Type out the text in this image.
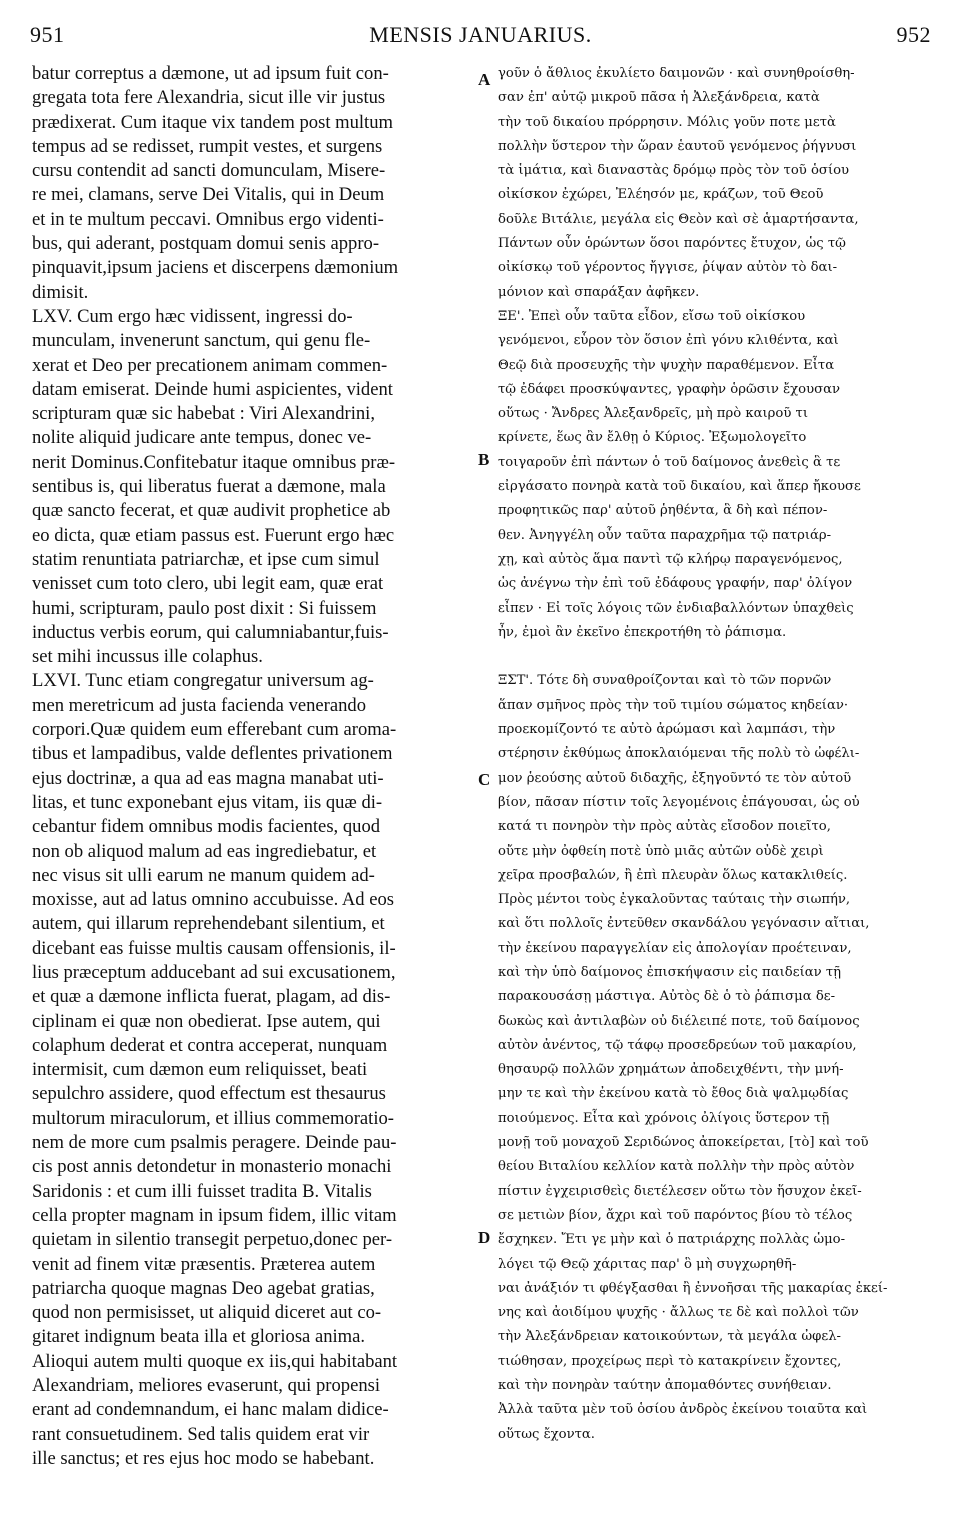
951	MENSIS JANUARIUS.	952
batur correptus a dæmone, ut ad ipsum fuit con-
gregata tota fere Alexandria, sicut ille vir justus
prædixerat. Cum itaque vix tandem post multum
tempus ad se redisset, rumpit vestes, et surgens
cursu contendit ad sancti domunculam, Misere-
re mei, clamans, serve Dei Vitalis, qui in Deum
et in te multum peccavi. Omnibus ergo videnti-
bus, qui aderant, postquam domui senis appro-
pinquavit,ipsum jaciens et discerpens dæmonium
dimisit.
LXV. Cum ergo hæc vidissent, ingressi do-
munculam, invenerunt sanctum, qui genu fle-
xerat et Deo per precationem animam commen-
datam emiserat. Deinde humi aspicientes, vident
scripturam quæ sic habebat : Viri Alexandrini,
nolite aliquid judicare ante tempus, donec ve-
nerit Dominus.Confitebatur itaque omnibus præ-
sentibus is, qui liberatus fuerat a dæmone, mala
quæ sancto fecerat, et quæ audivit prophetice ab
eo dicta, quæ etiam passus est. Fuerunt ergo hæc
statim renuntiata patriarchæ, et ipse cum simul
venisset cum toto clero, ubi legit eam, quæ erat
humi, scripturam, paulo post dixit : Si fuissem
inductus verbis eorum, qui calumniabantur,fuis-
set mihi incussus ille colaphus.
LXVI. Tunc etiam congregatur universum ag-
men meretricum ad justa facienda venerando
corpori.Quæ quidem eum efferebant cum aroma-
tibus et lampadibus, valde deflentes privationem
ejus doctrinæ, a qua ad eas magna manabat uti-
litas, et tunc exponebant ejus vitam, iis quæ di-
cebantur fidem omnibus modis facientes, quod
non ob aliquod malum ad eas ingrediebatur, et
nec visus sit ulli earum ne manum quidem ad-
moxisse, aut ad latus omnino accubuisse. Ad eos
autem, qui illarum reprehendebant silentium, et
dicebant eas fuisse multis causam offensionis, il-
lius præceptum adducebant ad sui excusationem,
et quæ a dæmone inflicta fuerat, plagam, ad dis-
ciplinam ei quæ non obedierat. Ipse autem, qui
colaphum dederat et contra acceperat, nunquam
intermisit, cum dæmon eum reliquisset, beati
sepulchro assidere, quod effectum est thesaurus
multorum miraculorum, et illius commemoratio-
nem de more cum psalmis peragere. Deinde pau-
cis post annis detondetur in monasterio monachi
Saridonis : et cum illi fuisset tradita B. Vitalis
cella propter magnam in ipsum fidem, illic vitam
quietam in silentio transegit perpetuo,donec per-
venit ad finem vitæ præsentis. Præterea autem
patriarcha quoque magnas Deo agebat gratias,
quod non permisisset, ut aliquid diceret aut co-
gitaret indignum beata illa et gloriosa anima.
Alioqui autem multi quoque ex iis,qui habitabant
Alexandriam, meliores evaserunt, qui propensi
erant ad condemnandum, ei hanc malam didice-
rant consuetudinem. Sed talis quidem erat vir
ille sanctus; et res ejus hoc modo se habebant.
γοῦν ὁ ἄθλιος ἐκυλίετο δαιμονῶν · καὶ συνηθροίσθη-
σαν ἐπ' αὐτῷ μικροῦ πᾶσα ἡ Ἀλεξάνδρεια, κατὰ
τὴν τοῦ δικαίου πρόρρησιν. Μόλις γοῦν ποτε μετὰ
πολλὴν ὕστερον τὴν ὥραν ἑαυτοῦ γενόμενος ῥήγνυσι
τὰ ἱμάτια, καὶ διαναστὰς δρόμῳ πρὸς τὸν τοῦ ὁσίου
οἰκίσκον ἐχώρει, Ἐλέησόν με, κράζων, τοῦ Θεοῦ
δοῦλε Βιτάλιε, μεγάλα εἰς Θεὸν καὶ σὲ ἁμαρτήσαντα,
Πάντων οὖν ὁρώντων ὅσοι παρόντες ἔτυχον, ὡς τῷ
οἰκίσκῳ τοῦ γέροντος ἤγγισε, ῥίψαν αὐτὸν τὸ δαι-
μόνιον καὶ σπαράξαν ἀφῆκεν.
ΞΕ'. Ἐπεὶ οὖν ταῦτα εἶδον, εἴσω τοῦ οἰκίσκου
γενόμενοι, εὗρον τὸν ὅσιον ἐπὶ γόνυ κλιθέντα, καὶ
Θεῷ διὰ προσευχῆς τὴν ψυχὴν παραθέμενον. Εἶτα
τῷ ἐδάφει προσκύψαντες, γραφὴν ὁρῶσιν ἔχουσαν
οὕτως · Ἄνδρες Ἀλεξανδρεῖς, μὴ πρὸ καιροῦ τι
κρίνετε, ἕως ἂν ἔλθῃ ὁ Κύριος. Ἐξωμολογεῖτο
τοιγαροῦν ἐπὶ πάντων ὁ τοῦ δαίμονος ἀνεθεὶς ἃ τε
εἰργάσατο πονηρὰ κατὰ τοῦ δικαίου, καὶ ἅπερ ἤκουσε
προφητικῶς παρ' αὐτοῦ ῥηθέντα, ἃ δὴ καὶ πέπον-
θεν. Ἀνηγγέλη οὖν ταῦτα παραχρῆμα τῷ πατριάρ-
χῃ, καὶ αὐτὸς ἅμα παντὶ τῷ κλήρῳ παραγενόμενος,
ὡς ἀνέγνω τὴν ἐπὶ τοῦ ἐδάφους γραφήν, παρ' ὀλίγον
εἶπεν · Εἰ τοῖς λόγοις τῶν ἐνδιαβαλλόντων ὑπαχθεὶς
ἦν, ἐμοὶ ἂν ἐκεῖνο ἐπεκροτήθη τὸ ῥάπισμα.
ΞΣΤ'. Τότε δὴ συναθροίζονται καὶ τὸ τῶν πορνῶν
ἅπαν σμῆνος πρὸς τὴν τοῦ τιμίου σώματος κηδείαν·
προεκομίζοντό τε αὐτὸ ἀρώμασι καὶ λαμπάσι, τὴν
στέρησιν ἐκθύμως ἀποκλαιόμεναι τῆς πολὺ τὸ ὠφέλι-
μον ῥεούσης αὐτοῦ διδαχῆς, ἐξηγοῦντό τε τὸν αὐτοῦ
βίον, πᾶσαν πίστιν τοῖς λεγομένοις ἐπάγουσαι, ὡς οὐ
κατά τι πονηρὸν τὴν πρὸς αὐτὰς εἴσοδον ποιεῖτο,
οὔτε μὴν ὀφθείη ποτὲ ὑπὸ μιᾶς αὐτῶν οὐδὲ χειρὶ
χεῖρα προσβαλών, ἢ ἐπὶ πλευρὰν ὅλως κατακλιθείς.
Πρὸς μέντοι τοὺς ἐγκαλοῦντας ταύταις τὴν σιωπήν,
καὶ ὅτι πολλοῖς ἐντεῦθεν σκανδάλου γεγόνασιν αἴτιαι,
τὴν ἐκείνου παραγγελίαν εἰς ἀπολογίαν προέτειναν,
καὶ τὴν ὑπὸ δαίμονος ἐπισκήψασιν εἰς παιδείαν τῇ
παρακουσάσῃ μάστιγα. Αὐτὸς δὲ ὁ τὸ ῥάπισμα δε-
δωκὼς καὶ ἀντιλαβὼν οὐ διέλειπέ ποτε, τοῦ δαίμονος
αὐτὸν ἀνέντος, τῷ τάφῳ προσεδρεύων τοῦ μακαρίου,
θησαυρῷ πολλῶν χρημάτων ἀποδειχθέντι, τὴν μνή-
μην τε καὶ τὴν ἐκείνου κατὰ τὸ ἔθος διὰ ψαλμῳδίας
ποιούμενος. Εἶτα καὶ χρόνοις ὀλίγοις ὕστερον τῇ
μονῇ τοῦ μοναχοῦ Σεριδώνος ἀποκείρεται, [τὸ] καὶ τοῦ
θείου Βιταλίου κελλίον κατὰ πολλὴν τὴν πρὸς αὐτὸν
πίστιν ἐγχειρισθεὶς διετέλεσεν οὕτω τὸν ἥσυχον ἐκεῖ-
σε μετιὼν βίον, ἄχρι καὶ τοῦ παρόντος βίου τὸ τέλος
ἔσχηκεν. Ἔτι γε μὴν καὶ ὁ πατριάρχης πολλὰς ὡμο-
λόγει τῷ Θεῷ χάριτας παρ' ὃ μὴ συγχωρηθῆ-
ναι ἀνάξιόν τι φθέγξασθαι ἢ ἐννοῆσαι τῆς μακαρίας ἐκεί-
νης καὶ ἀοιδίμου ψυχῆς · ἄλλως τε δὲ καὶ πολλοὶ τῶν
τὴν Ἀλεξάνδρειαν κατοικούντων, τὰ μεγάλα ὠφελ-
τιώθησαν, πρoχείρως περὶ τὸ κατακρίνειν ἔχοντες,
καὶ τὴν πονηρὰν ταύτην ἀπομαθόντες συνήθειαν.
Ἀλλὰ ταῦτα μὲν τοῦ ὁσίου ἀνδρὸς ἐκείνου τοιαῦτα καὶ
οὕτως ἔχοντα.
A
B
C
D
